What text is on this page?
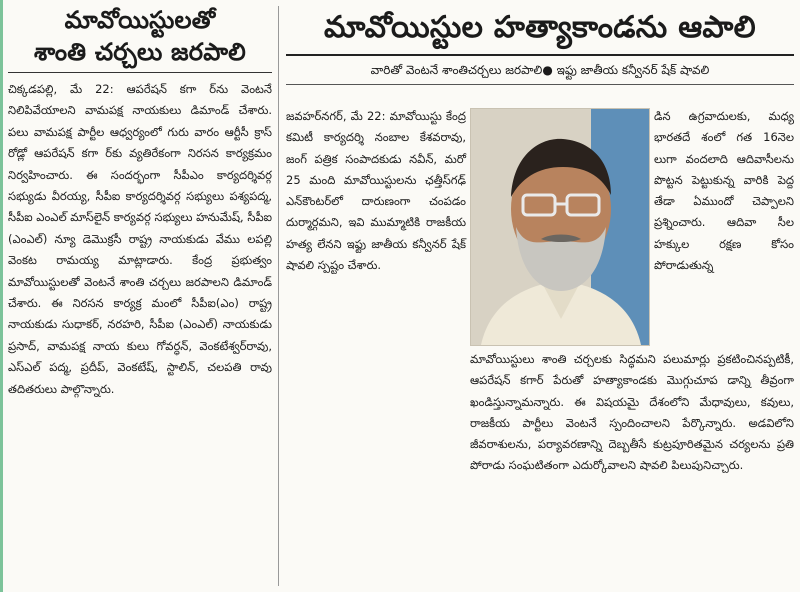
మావోయిస్టులతో
శాంతి చర్చలు జరపాలి
చిక్కడపల్లి, మే 22: ఆపరేషన్ కగా ర్‌ను వెంటనే నిలిపివేయాలని వామపక్ష నాయకులు డిమాండ్ చేశారు. పలు వామపక్ష పార్టీల ఆధ్వర్యంలో గురు వారం ఆర్టీసీ క్రాస్ రోడ్లో ఆపరేషన్ కగా ర్‌కు వ్యతిరేకంగా నిరసన కార్యక్రమం నిర్వహించారు. ఈ సందర్భంగా సీపీఎం కార్యదర్శివర్గ సభ్యుడు వీరయ్య, సీపీఐ కార్యదర్శివర్గ సభ్యులు పశ్యపద్మ, సీపీఐ ఎంఎల్ మాస్‌లైన్ కార్యవర్గ సభ్యులు హనుమేష్, సీపీఐ (ఎంఎల్) న్యూ డెమొక్రసీ రాష్ట్ర నాయకుడు వేము లపల్లి వెంకట రామయ్య మాట్లాడారు. కేంద్ర ప్రభుత్వం మావోయిస్టులతో వెంటనే శాంతి చర్చలు జరపాలని డిమాండ్ చేశారు. ఈ నిరసన కార్యక్ర మంలో సీపీఐ(ఎం) రాష్ట్ర నాయకుడు సుధాకర్, నరహరి, సీపీఐ (ఎంఎల్) నాయకుడు ప్రసాద్, వామపక్ష నాయ కులు గోవర్ధన్, వెంకటేశ్వర్‌రావు, ఎస్ఎల్ పద్మ, ప్రదీప్, వెంకటేష్, స్టాలిన్, చలపతి రావు తదితరులు పాల్గొన్నారు.
మావోయిస్టుల హత్యాకాండను ఆపాలి
వారితో వెంటనే శాంతిచర్చలు జరపాలి● ఇఫ్టు జాతీయ కన్వీనర్ షేక్ షావలి
జవహర్‌నగర్, మే 22: మావోయిస్టు కేంద్ర కమిటీ కార్యదర్శి నంబాల కేశవరావు, జంగ్ పత్రిక సంపాదకుడు నవీన్, మరో 25 మంది మావోయిస్టులను ఛత్తీస్‌గఢ్ ఎన్‌కౌంటర్‌లో దారుణంగా చంపడం దుర్మార్గమని, ఇవి ముమ్మాటికి రాజకీయ హత్య లేనని ఇఫ్టు జాతీయ కన్వీనర్ షేక్ షావలి స్పష్టం చేశారు.
డిన ఉగ్రవాదులకు, మధ్య భారతదే శంలో గత 16నెల లుగా వందలాది ఆదివాసీలను పొట్టన పెట్టుకున్న వారికి పెద్ద తేడా ఏముందో చెప్పాలని ప్రశ్నించారు. ఆదివా సీల హక్కుల రక్షణ కోసం పోరాడుతున్న
మావోయిస్టులు శాంతి చర్చలకు సిద్ధమని పలుమార్లు ప్రకటించినప్పటికీ, ఆపరేషన్ కగార్ పేరుతో హత్యాకాండకు మొగ్గుచూప డాన్ని తీవ్రంగా ఖండిస్తున్నామన్నారు. ఈ విషయమై దేశంలోని మేధావులు, కవులు, రాజకీయ పార్టీలు వెంటనే స్పందించాలని పేర్కొన్నారు. అడవిలోని జీవరాశులను, పర్యావరణాన్ని దెబ్బతీసే కుట్రపూరితమైన చర్యలను ప్రతి పోరాడు సంఘటితంగా ఎదుర్కోవాలని షావలి పిలుపునిచ్చారు.
